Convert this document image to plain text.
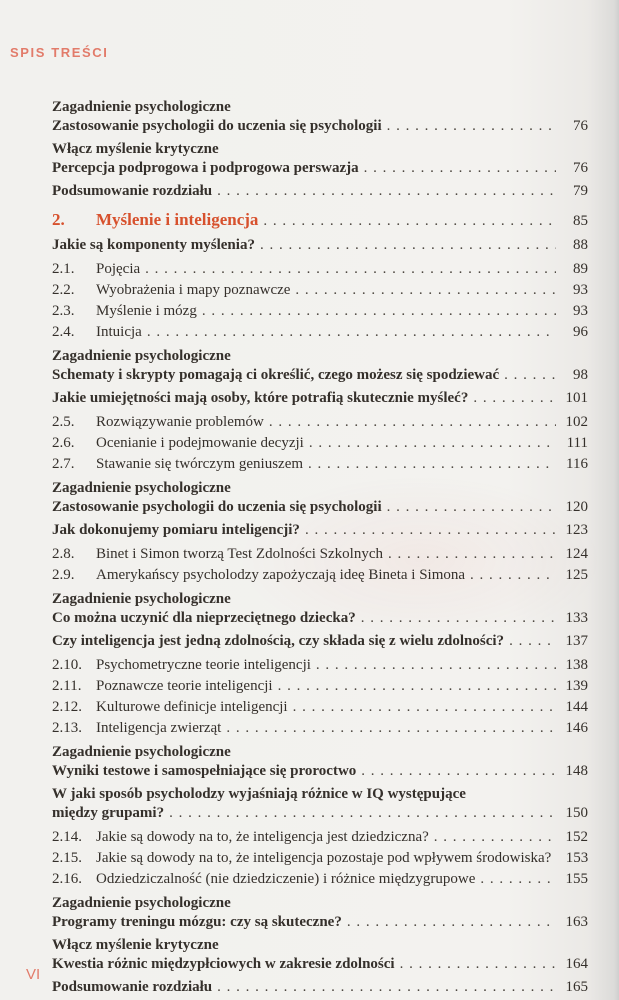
SPIS TREŚCI
Zagadnienie psychologiczne
Zastosowanie psychologii do uczenia się psychologii . . .	76
Włącz myślenie krytyczne
Percepcja podprogowa i podprogowa perswazja . . .	76
Podsumowanie rozdziału . . .	79
2.	Myślenie i inteligencja . . .	85
Jakie są komponenty myślenia? . . .	88
2.1.	Pojęcia . . .	89
2.2.	Wyobrażenia i mapy poznawcze . . .	93
2.3.	Myślenie i mózg . . .	93
2.4.	Intuicja . . .	96
Zagadnienie psychologiczne
Schematy i skrypty pomagają ci określić, czego możesz się spodziewać . . .	98
Jakie umiejętności mają osoby, które potrafią skutecznie myśleć? . . .	101
2.5.	Rozwiązywanie problemów . . .	102
2.6.	Ocenianie i podejmowanie decyzji . . .	111
2.7.	Stawanie się twórczym geniuszem . . .	116
Zagadnienie psychologiczne
Zastosowanie psychologii do uczenia się psychologii . . .	120
Jak dokonujemy pomiaru inteligencji? . . .	123
2.8.	Binet i Simon tworzą Test Zdolności Szkolnych . . .	124
2.9.	Amerykańscy psycholodzy zapożyczają ideę Bineta i Simona . . .	125
Zagadnienie psychologiczne
Co można uczynić dla nieprzeciętnego dziecka? . . .	133
Czy inteligencja jest jedną zdolnością, czy składa się z wielu zdolności? . . .	137
2.10. Psychometryczne teorie inteligencji . . .	138
2.11. Poznawcze teorie inteligencji . . .	139
2.12. Kulturowe definicje inteligencji . . .	144
2.13. Inteligencja zwierząt . . .	146
Zagadnienie psychologiczne
Wyniki testowe i samospełniające się proroctwo . . .	148
W jaki sposób psycholodzy wyjaśniają różnice w IQ występujące
między grupami? . . .	150
2.14. Jakie są dowody na to, że inteligencja jest dziedziczna? . . .	152
2.15. Jakie są dowody na to, że inteligencja pozostaje pod wpływem środowiska? 153
2.16. Odziedziczalność (nie dziedziczenie) i różnice międzygrupowe . . .	155
Zagadnienie psychologiczne
Programy treningu mózgu: czy są skuteczne? . . .	163
Włącz myślenie krytyczne
Kwestia różnic międzypłciowych w zakresie zdolności . . .	164
Podsumowanie rozdziału . . .	165
VI
